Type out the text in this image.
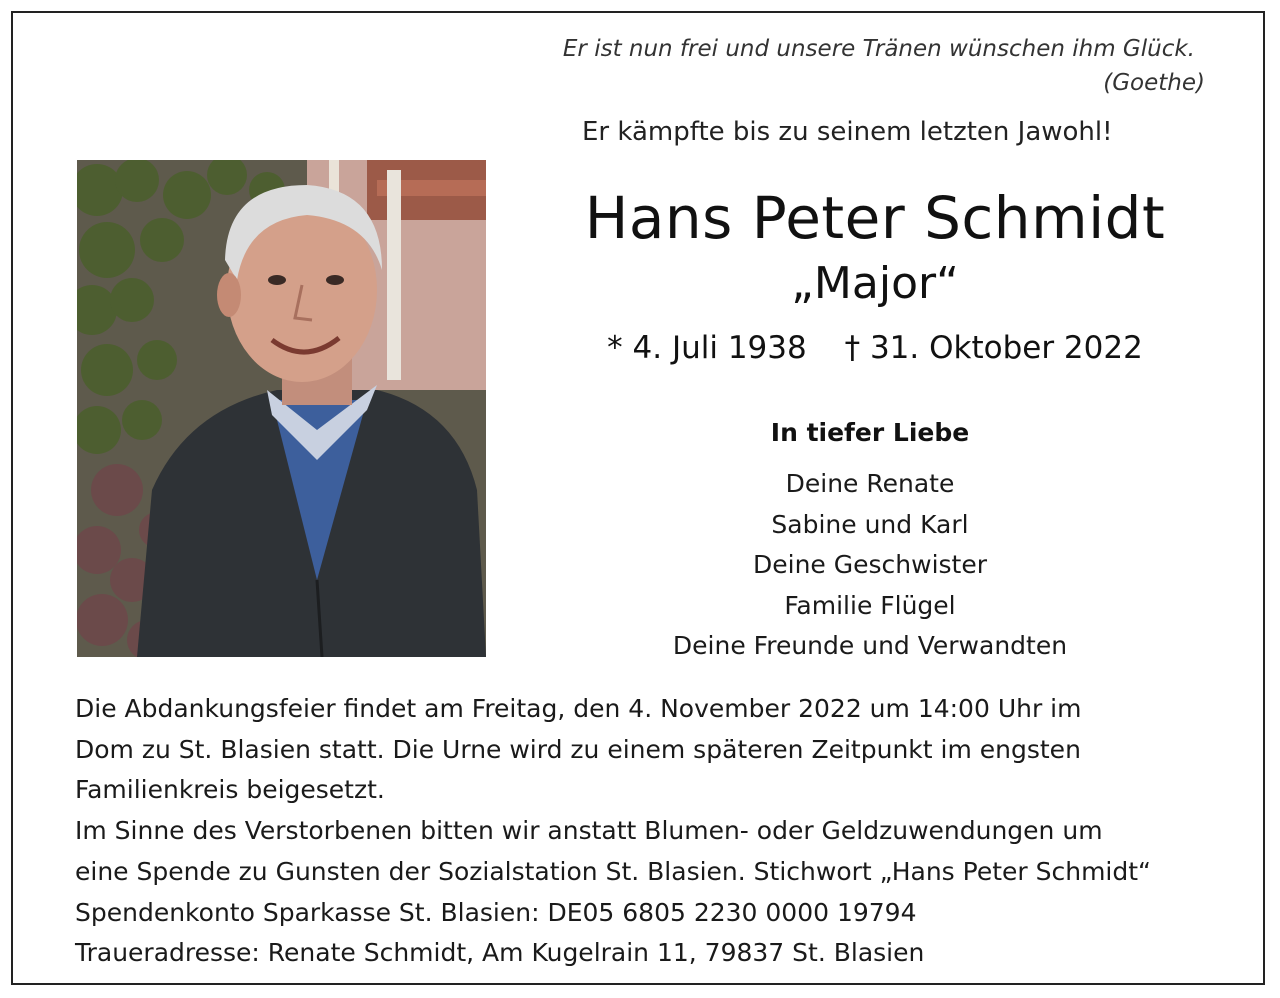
Er ist nun frei und unsere Tränen wünschen ihm Glück.
(Goethe)
Er kämpfte bis zu seinem letzten Jawohl!
Hans Peter Schmidt
„Major“
* 4. Juli 1938 † 31. Oktober 2022
In tiefer Liebe
Deine Renate
Sabine und Karl
Deine Geschwister
Familie Flügel
Deine Freunde und Verwandten

Die Abdankungsfeier findet am Freitag, den 4. November 2022 um 14:00 Uhr im

Dom zu St. Blasien statt. Die Urne wird zu einem späteren Zeitpunkt im engsten

Familienkreis beigesetzt.

Im Sinne des Verstorbenen bitten wir anstatt Blumen- oder Geldzuwendungen um

eine Spende zu Gunsten der Sozialstation St. Blasien. Stichwort „Hans Peter Schmidt“

Spendenkonto Sparkasse St. Blasien: DE05 6805 2230 0000 19794

Traueradresse: Renate Schmidt, Am Kugelrain 11, 79837 St. Blasien
